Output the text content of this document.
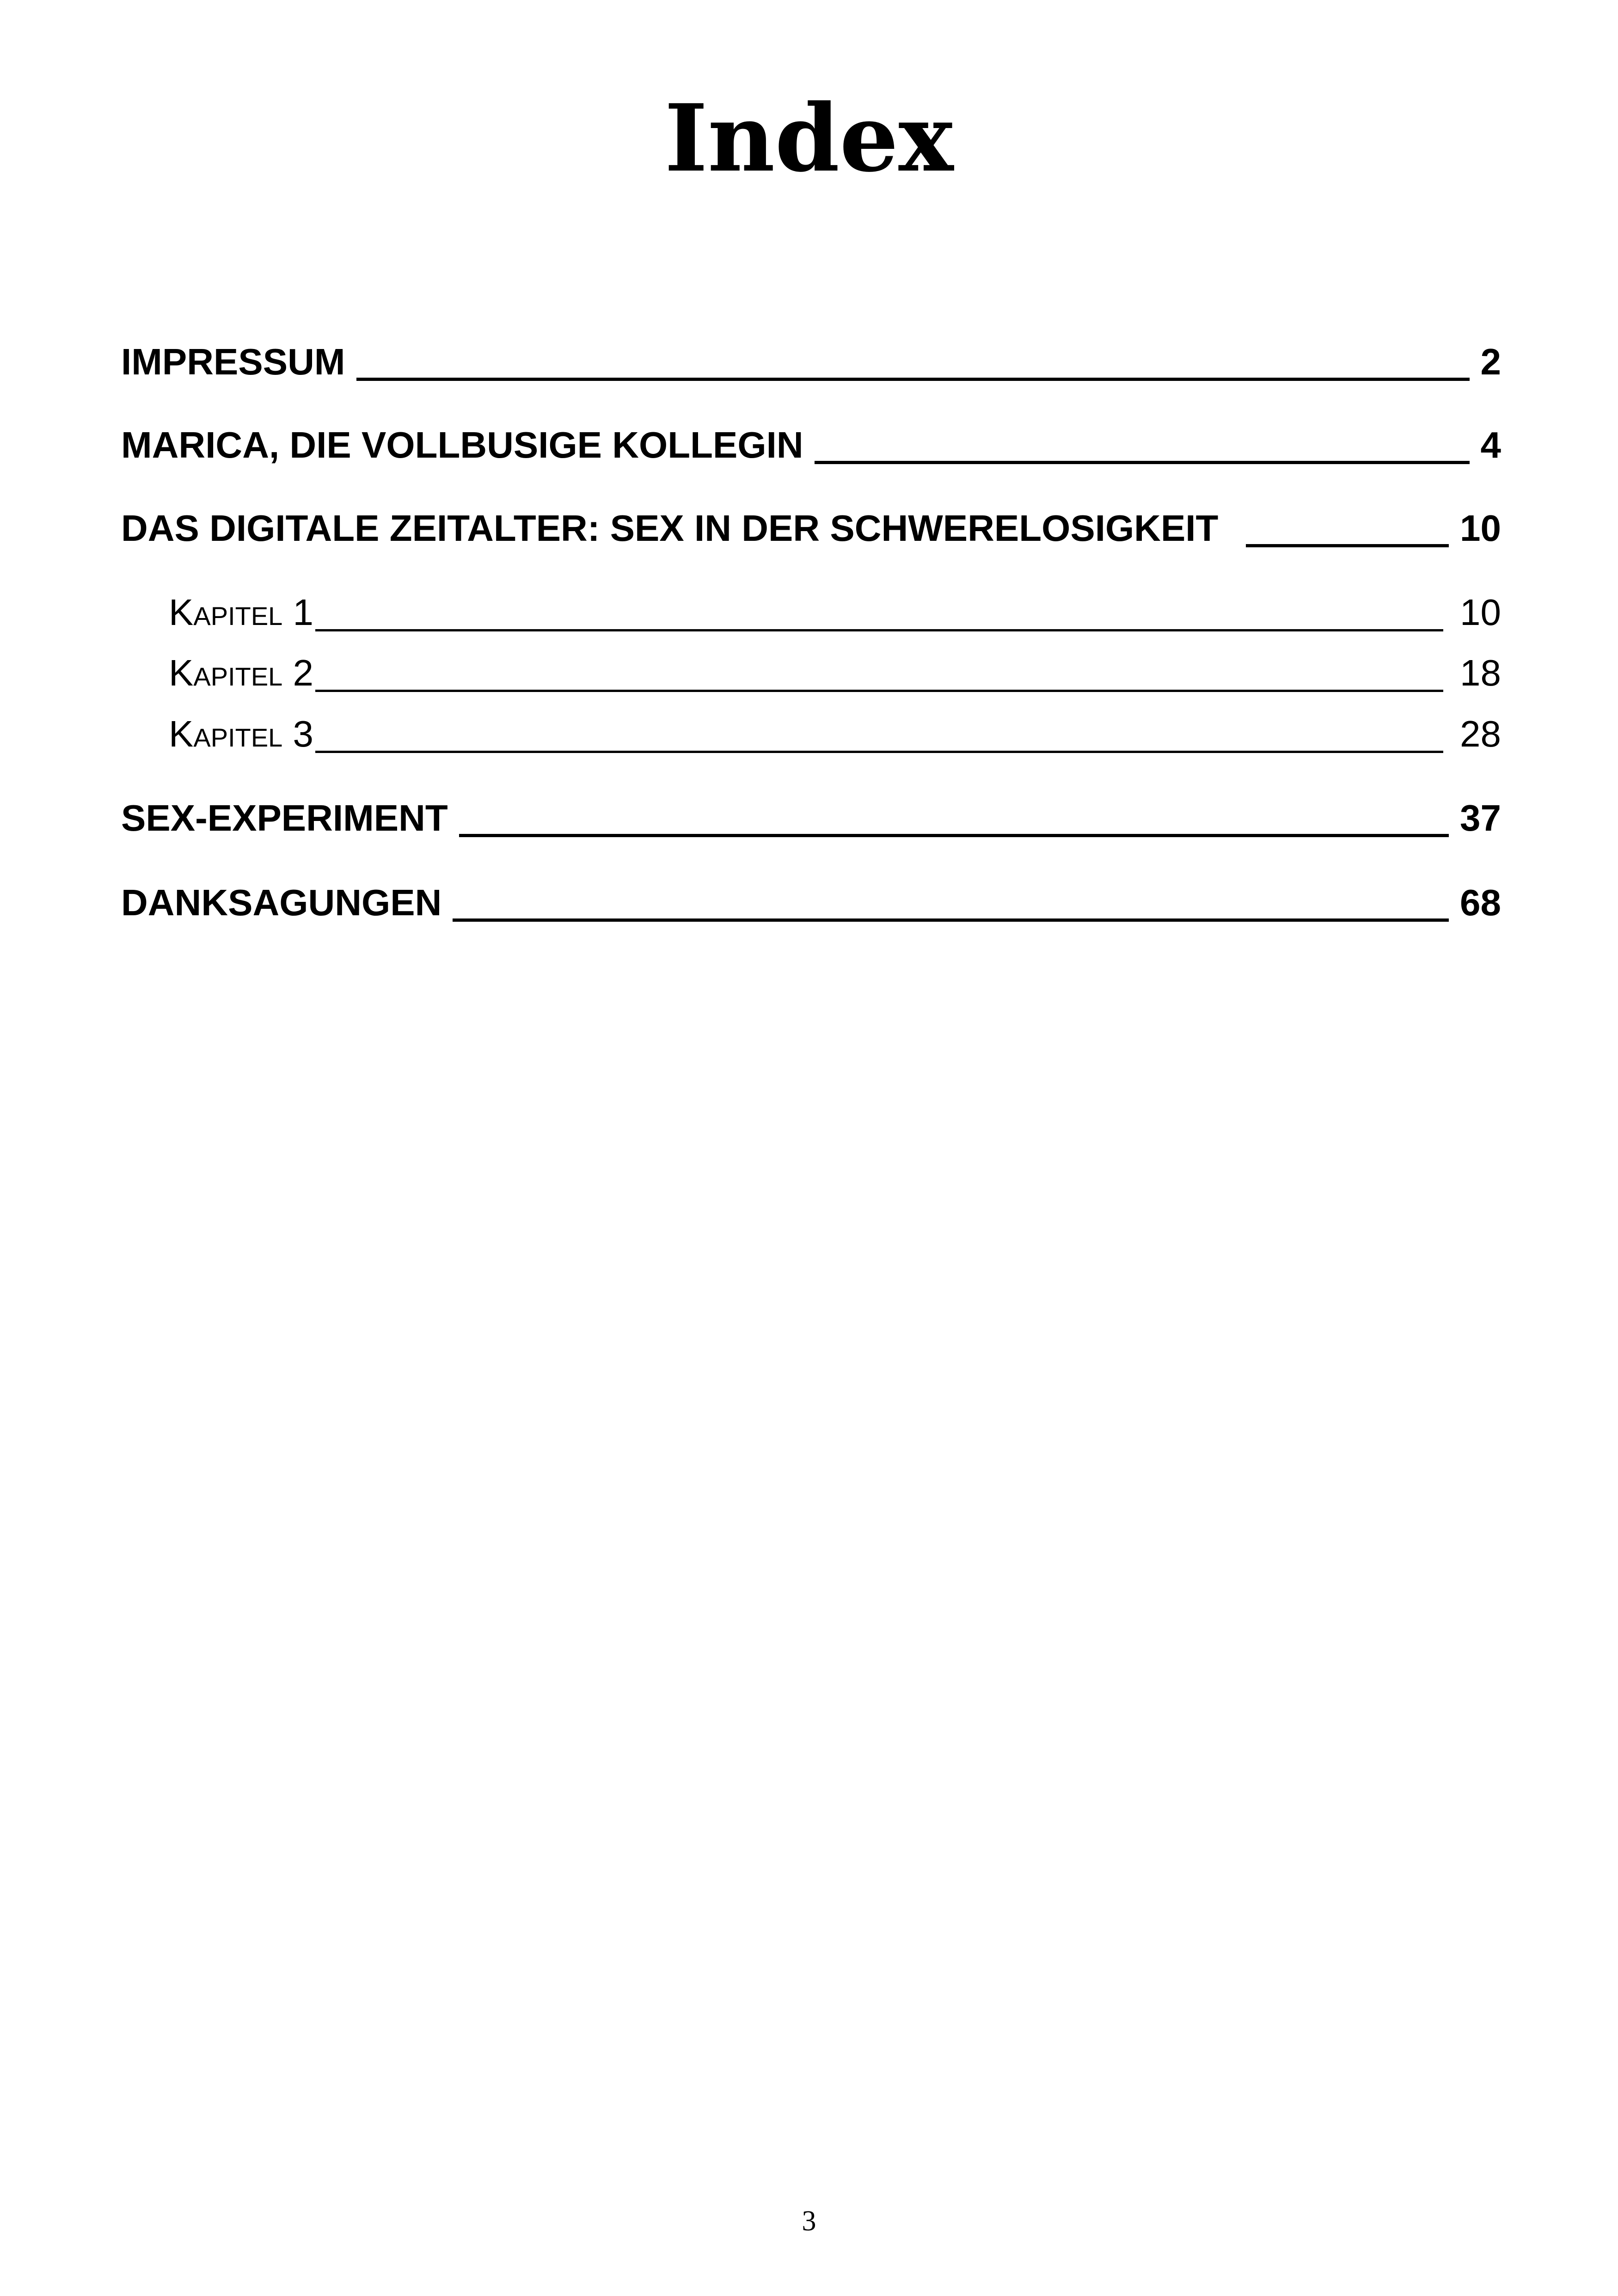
Index
IMPRESSUM	2
MARICA, DIE VOLLBUSIGE KOLLEGIN	4
DAS DIGITALE ZEITALTER: SEX IN DER SCHWERELOSIGKEIT	10
Kapitel 1	10
Kapitel 2	18
Kapitel 3	28
SEX-EXPERIMENT	37
DANKSAGUNGEN	68
3
